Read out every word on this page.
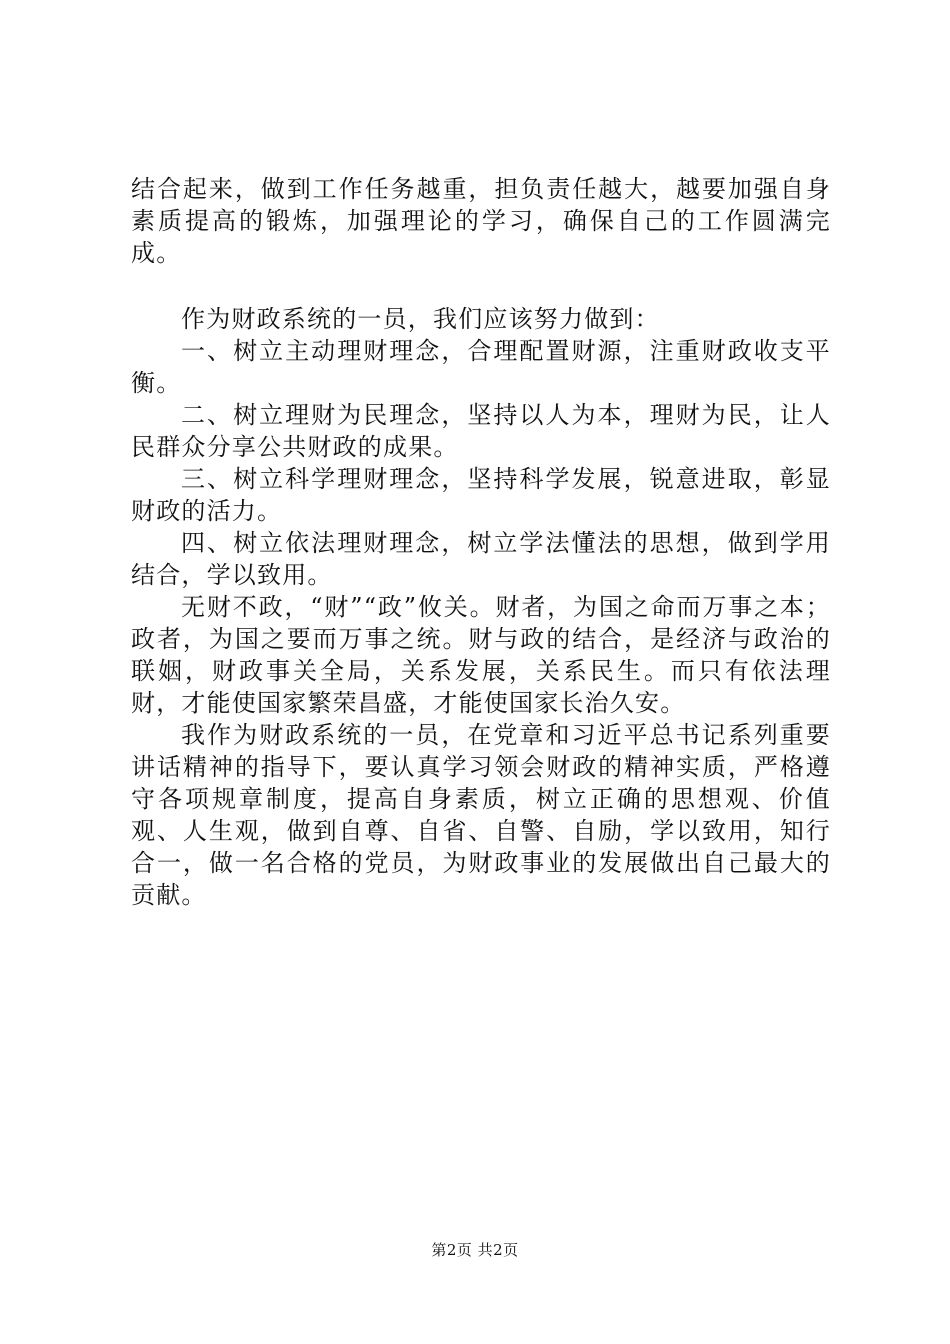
结合起来，做到工作任务越重，担负责任越大，越要加强自身素质提高的锻炼，加强理论的学习，确保自己的工作圆满完成。

作为财政系统的一员，我们应该努力做到：

一、树立主动理财理念，合理配置财源，注重财政收支平衡。

二、树立理财为民理念，坚持以人为本，理财为民，让人民群众分享公共财政的成果。

三、树立科学理财理念，坚持科学发展，锐意进取，彰显财政的活力。

四、树立依法理财理念，树立学法懂法的思想，做到学用结合，学以致用。

无财不政，“财”“政”攸关。财者，为国之命而万事之本；政者，为国之要而万事之统。财与政的结合，是经济与政治的联姻，财政事关全局，关系发展，关系民生。而只有依法理财，才能使国家繁荣昌盛，才能使国家长治久安。

我作为财政系统的一员，在党章和习近平总书记系列重要讲话精神的指导下，要认真学习领会财政的精神实质，严格遵守各项规章制度，提高自身素质，树立正确的思想观、价值观、人生观，做到自尊、自省、自警、自励，学以致用，知行合一，做一名合格的党员，为财政事业的发展做出自己最大的贡献。

第2页 共2页
